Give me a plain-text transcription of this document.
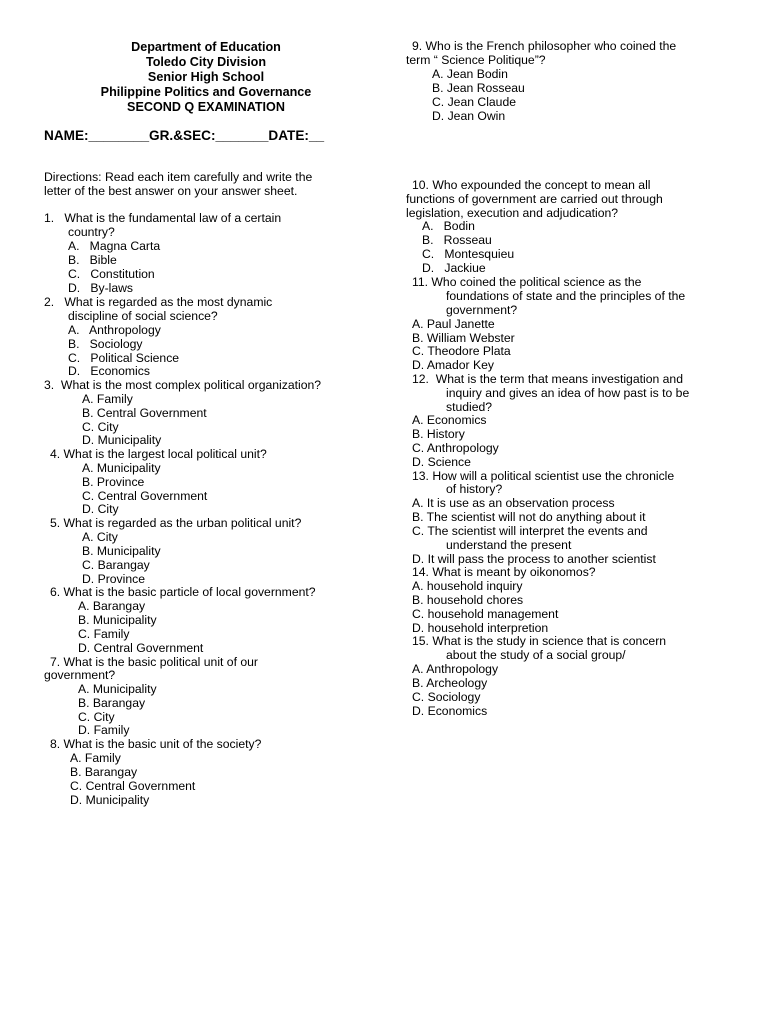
Department of Education
Toledo City Division
Senior High School
Philippine Politics and Governance
SECOND Q EXAMINATION
NAME:________GR.&SEC:_______DATE:__
Directions: Read each item carefully and write the
letter of the best answer on your answer sheet.
1.   What is the fundamental law of a certain
country?
A.   Magna Carta
B.   Bible
C.   Constitution
D.   By-laws
2.   What is regarded as the most dynamic
discipline of social science?
A.   Anthropology
B.   Sociology
C.   Political Science
D.   Economics
3.  What is the most complex political organization?
A. Family
B. Central Government
C. City
D. Municipality
4. What is the largest local political unit?
A. Municipality
B. Province
C. Central Government
D. City
5. What is regarded as the urban political unit?
A. City
B. Municipality
C. Barangay
D. Province
6. What is the basic particle of local government?
A. Barangay
B. Municipality
C. Family
D. Central Government
7. What is the basic political unit of our
government?
A. Municipality
B. Barangay
C. City
D. Family
8. What is the basic unit of the society?
A. Family
B. Barangay
C. Central Government
D. Municipality
9. Who is the French philosopher who coined the
term “ Science Politique”?
A. Jean Bodin
B. Jean Rosseau
C. Jean Claude
D. Jean Owin
10. Who expounded the concept to mean all
functions of government are carried out through
legislation, execution and adjudication?
A.   Bodin
B.   Rosseau
C.   Montesquieu
D.   Jackiue
11. Who coined the political science as the
foundations of state and the principles of the
government?
A. Paul Janette
B. William Webster
C. Theodore Plata
D. Amador Key
12.  What is the term that means investigation and
inquiry and gives an idea of how past is to be
studied?
A. Economics
B. History
C. Anthropology
D. Science
13. How will a political scientist use the chronicle
of history?
A. It is use as an observation process
B. The scientist will not do anything about it
C. The scientist will interpret the events and
understand the present
D. It will pass the process to another scientist
14. What is meant by oikonomos?
A. household inquiry
B. household chores
C. household management
D. household interpretion
15. What is the study in science that is concern
about the study of a social group/
A. Anthropology
B. Archeology
C. Sociology
D. Economics
